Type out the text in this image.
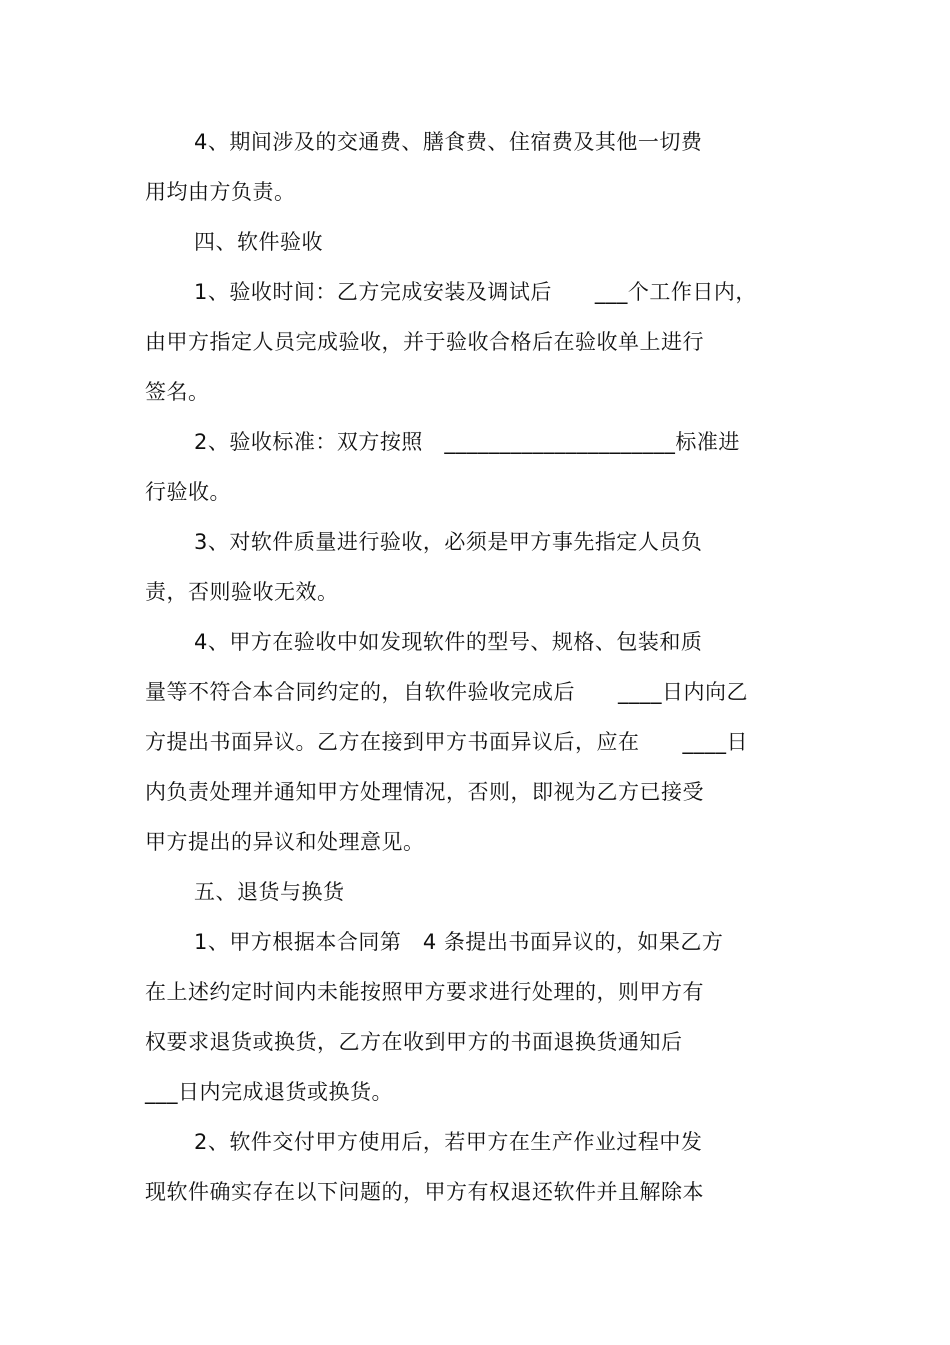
4、期间涉及的交通费、膳食费、住宿费及其他一切费
用均由方负责。
四、软件验收
1、验收时间：乙方完成安装及调试后　　___个工作日内，
由甲方指定人员完成验收，并于验收合格后在验收单上进行
签名。
2、验收标准：双方按照　_____________________标准进
行验收。
3、对软件质量进行验收，必须是甲方事先指定人员负
责，否则验收无效。
4、甲方在验收中如发现软件的型号、规格、包装和质
量等不符合本合同约定的，自软件验收完成后　　____日内向乙
方提出书面异议。乙方在接到甲方书面异议后，应在　　____日
内负责处理并通知甲方处理情况，否则，即视为乙方已接受
甲方提出的异议和处理意见。
五、退货与换货
1、甲方根据本合同第　4 条提出书面异议的，如果乙方
在上述约定时间内未能按照甲方要求进行处理的，则甲方有
权要求退货或换货，乙方在收到甲方的书面退换货通知后
___日内完成退货或换货。
2、软件交付甲方使用后，若甲方在生产作业过程中发
现软件确实存在以下问题的，甲方有权退还软件并且解除本
